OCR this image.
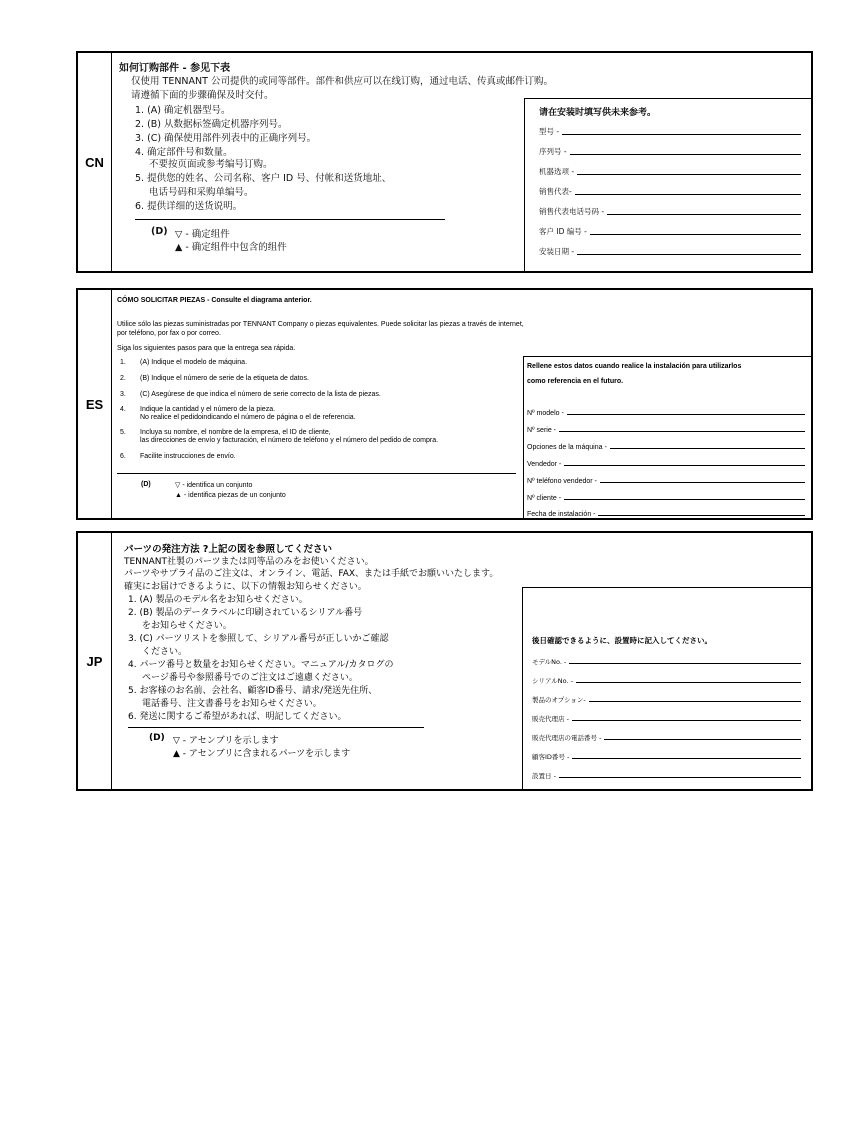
CN
如何订购部件 - 参见下表
仅使用 TENNANT 公司提供的或同等部件。部件和供应可以在线订购，通过电话、传真或邮件订购。
请遵循下面的步骤确保及时交付。
1. (A) 确定机器型号。
2. (B) 从数据标签确定机器序列号。
3. (C) 确保使用部件列表中的正确序列号。
4. 确定部件号和数量。
不要按页面或参考编号订购。
5. 提供您的姓名、公司名称、客户 ID 号、付帐和送货地址、
电话号码和采购单编号。
6. 提供详细的送货说明。
(D) ▽ - 确定组件
▲ - 确定组件中包含的组件
请在安装时填写供未来参考。
型号 -
序列号 -
机器选项 -
销售代表-
销售代表电话号码 -
客户 ID 编号 -
安装日期 -
ES
CÓMO SOLICITAR PIEZAS - Consulte el diagrama anterior.
Utilice sólo las piezas suministradas por TENNANT Company o piezas equivalentes. Puede solicitar las piezas a través de internet,
por teléfono, por fax o por correo.
Siga los siguientes pasos para que la entrega sea rápida.
1. (A) Indique el modelo de máquina.
2. (B) Indique el número de serie de la etiqueta de datos.
3. (C) Asegúrese de que indica el número de serie correcto de la lista de piezas.
4. Indique la cantidad y el número de la pieza.
No realice el pedidoindicando el número de página o el de referencia.
5. Incluya su nombre, el nombre de la empresa, el ID de cliente,
las direcciones de envío y facturación, el número de teléfono y el número del pedido de compra.
6. Facilite instrucciones de envío.
(D)	▽ - identifica un conjunto
▲ - identifica piezas de un conjunto
Rellene estos datos cuando realice la instalación para utilizarlos
como referencia en el futuro.
Nº modelo -
Nº serie -
Opciones de la máquina -
Vendedor -
Nº teléfono vendedor -
Nº cliente -
Fecha de instalación -
JP
パーツの発注方法 ?上記の図を参照してください
TENNANT社製のパーツまたは同等品のみをお使いください。
パーツやサプライ品のご注文は、オンライン、電話、FAX、または手紙でお願いいたします。
確実にお届けできるように、以下の情報お知らせください。
1. (A) 製品のモデル名をお知らせください。
2. (B) 製品のデータラベルに印刷されているシリアル番号
をお知らせください。
3. (C) パーツリストを参照して、シリアル番号が正しいかご確認
ください。
4. パーツ番号と数量をお知らせください。マニュアル/カタログの
ページ番号や参照番号でのご注文はご遠慮ください。
5. お客様のお名前、会社名、顧客ID番号、請求/発送先住所、
電話番号、注文書番号をお知らせください。
6. 発送に関するご希望があれば、明記してください。
(D) ▽ - アセンブリを示します
▲ - アセンブリに含まれるパーツを示します
後日確認できるように、設置時に記入してください。
モデルNo. -
シリアルNo. -
製品のオプション-
販売代理店 -
販売代理店の電話番号 -
顧客ID番号 -
設置日 -
